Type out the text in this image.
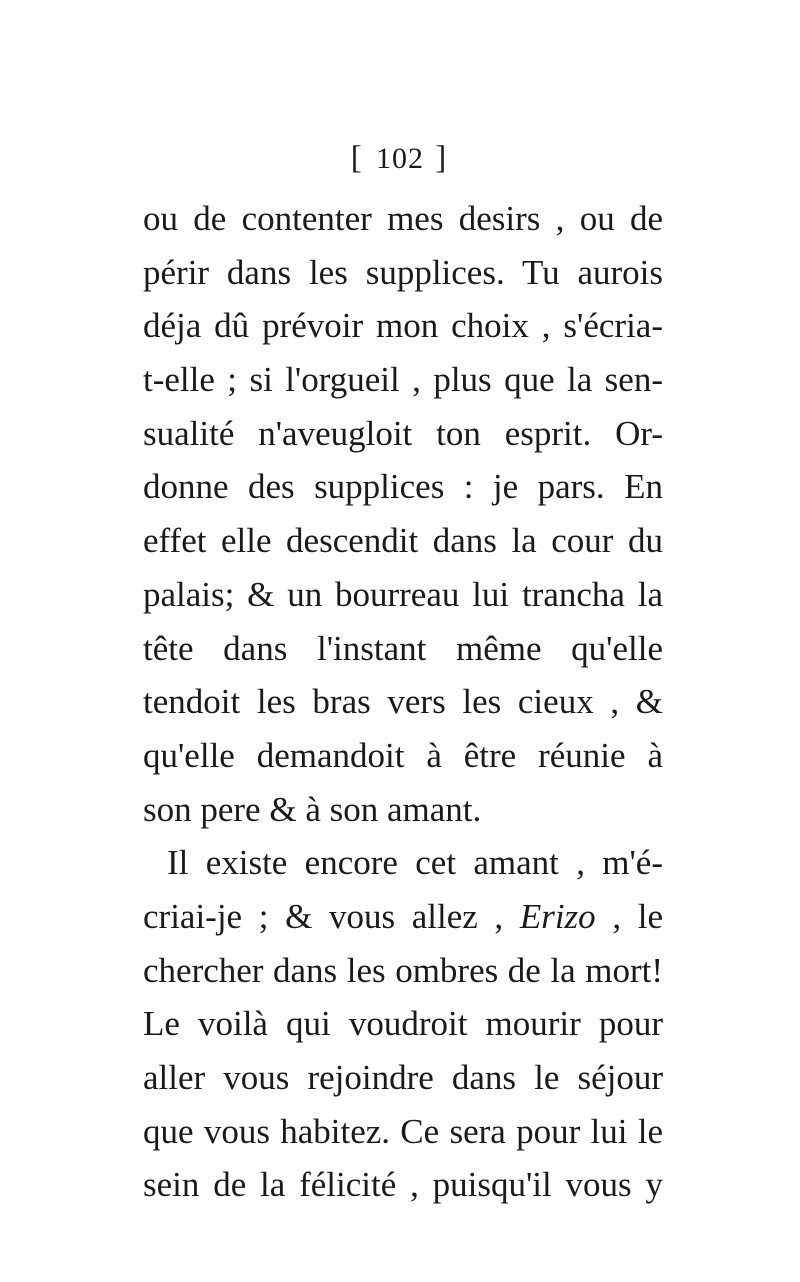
[ 102 ]
ou de contenter mes desirs , ou de
périr dans les supplices. Tu aurois
déja dû prévoir mon choix , s'écria-
t-elle ; si l'orgueil , plus que la sen-
sualité n'aveugloit ton esprit. Or-
donne des supplices : je pars. En
effet elle descendit dans la cour du
palais; & un bourreau lui trancha la
tête dans l'instant même qu'elle
tendoit les bras vers les cieux , &
qu'elle demandoit à être réunie à
son pere & à son amant.
Il existe encore cet amant , m'é-
criai-je ; & vous allez , Erizo , le
chercher dans les ombres de la mort!
Le voilà qui voudroit mourir pour
aller vous rejoindre dans le séjour
que vous habitez. Ce sera pour lui le
sein de la félicité , puisqu'il vous y
